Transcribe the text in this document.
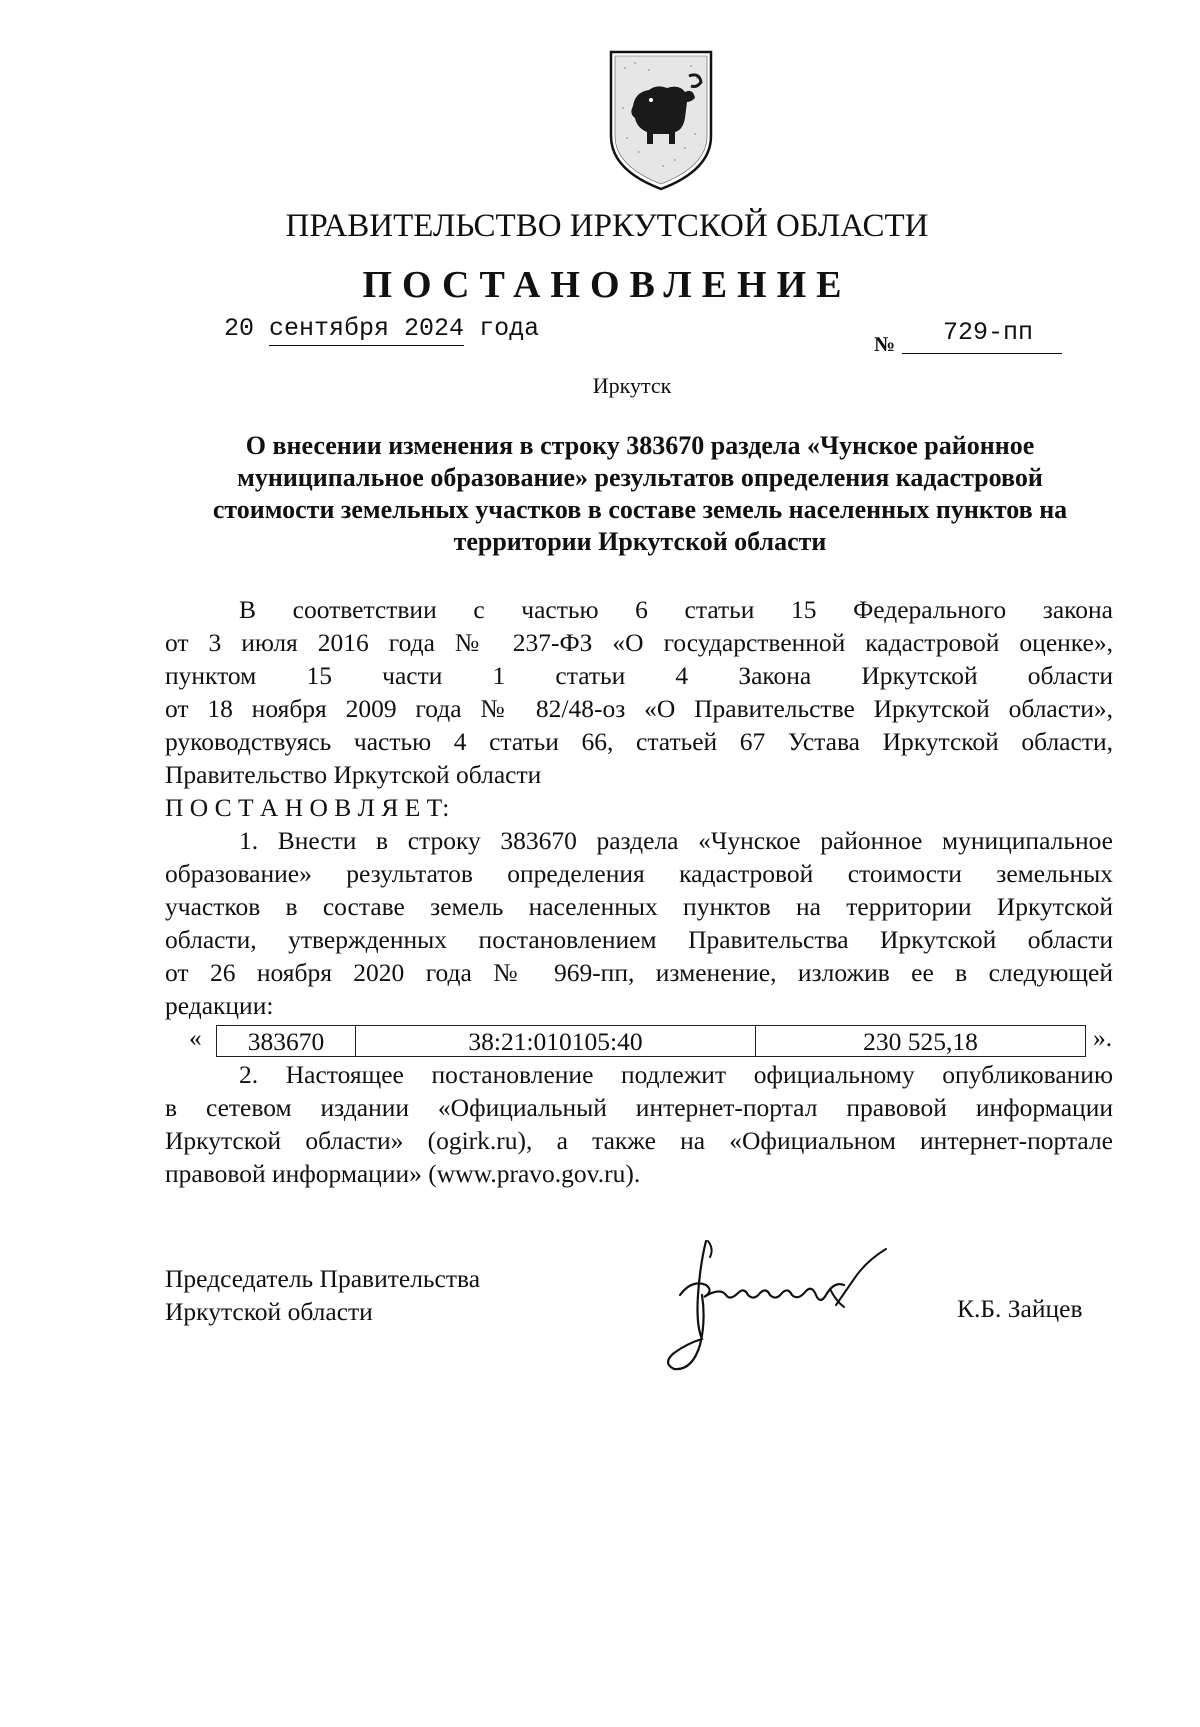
ПРАВИТЕЛЬСТВО ИРКУТСКОЙ ОБЛАСТИ
ПОСТАНОВЛЕНИЕ
20 сентября 2024 года
№	729-пп
Иркутск
О внесении изменения в строку 383670 раздела «Чунское районное
муниципальное образование» результатов определения кадастровой
стоимости земельных участков в составе земель населенных пунктов на
территории Иркутской области
В соответствии с частью 6 статьи 15 Федерального закона
от 3 июля 2016 года № 237-ФЗ «О государственной кадастровой оценке»,
пунктом 15 части 1 статьи 4 Закона Иркутской области
от 18 ноября 2009 года № 82/48-оз «О Правительстве Иркутской области»,
руководствуясь частью 4 статьи 66, статьей 67 Устава Иркутской области,
Правительство Иркутской области
П О С Т А Н О В Л Я Е Т:
1. Внести в строку 383670 раздела «Чунское районное муниципальное
образование» результатов определения кадастровой стоимости земельных
участков в составе земель населенных пунктов на территории Иркутской
области, утвержденных постановлением Правительства Иркутской области
от 26 ноября 2020 года № 969-пп, изменение, изложив ее в следующей
редакции:
«	383670	38:21:010105:40	230 525,18	».
2. Настоящее постановление подлежит официальному опубликованию
в сетевом издании «Официальный интернет-портал правовой информации
Иркутской области» (ogirk.ru), а также на «Официальном интернет-портале
правовой информации» (www.pravo.gov.ru).
Председатель Правительства
Иркутской области	К.Б. Зайцев
